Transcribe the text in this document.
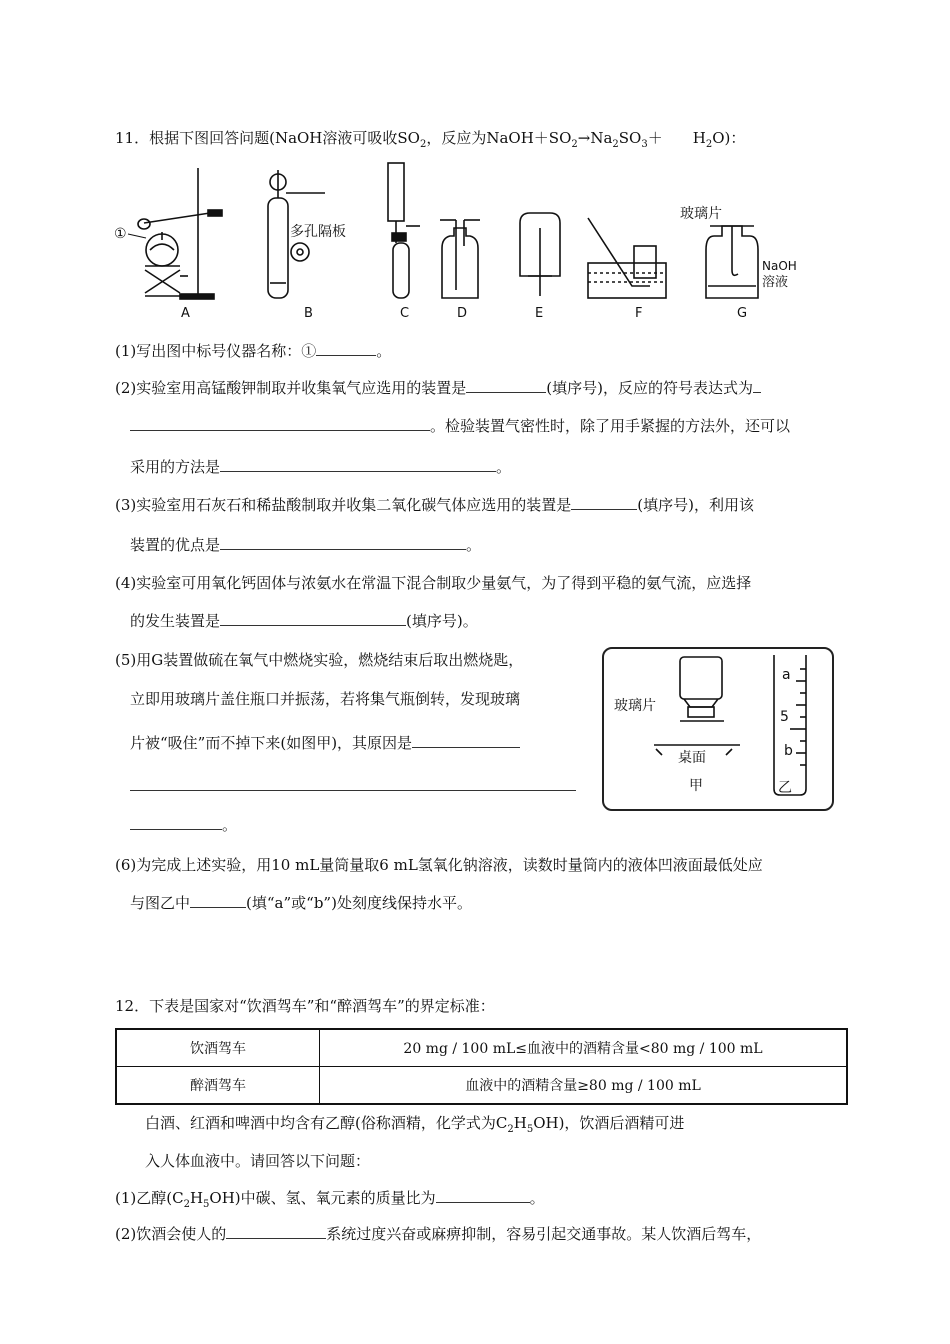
11．根据下图回答问题(NaOH溶液可吸收$SO_2$，反应为$NaOH+SO_2\to Na_2SO_3+$　　$H_2O$)：
①	多孔隔板
玻璃片
NaOH
溶液
A	B	C	D	E	F	G
(1)写出图中标号仪器名称：①	。
(2)实验室用高锰酸钾制取并收集氧气应选用的装置是	(填序号)，反应的符号表达式为
。检验装置气密性时，除了用手紧握的方法外，还可以
采用的方法是	。
(3)实验室用石灰石和稀盐酸制取并收集二氧化碳气体应选用的装置是	(填序号)，利用该
装置的优点是	。
(4)实验室可用氧化钙固体与浓氨水在常温下混合制取少量氨气，为了得到平稳的氨气流，应选择
的发生装置是	(填序号)。
(5)用G装置做硫在氧气中燃烧实验，燃烧结束后取出燃烧匙，
立即用玻璃片盖住瓶口并振荡，若将集气瓶倒转，发现玻璃
片被“吸住”而不掉下来(如图甲)，其原因是
。
玻璃片
桌面
甲	乙
a
5
b
(6)为完成上述实验，用10 mL量筒量取6 mL氢氧化钠溶液，读数时量筒内的液体凹液面最低处应
与图乙中	(填“a”或“b”)处刻度线保持水平。
12．下表是国家对“饮酒驾车”和“醉酒驾车”的界定标准：
饮酒驾车	20 mg / 100 mL≤血液中的酒精含量<80 mg / 100 mL
醉酒驾车	血液中的酒精含量≥80 mg / 100 mL
白酒、红酒和啤酒中均含有乙醇(俗称酒精，化学式为$C_2H_5OH$)，饮酒后酒精可进
入人体血液中。请回答以下问题：
(1)乙醇$(C_2H_5OH)$中碳、氢、氧元素的质量比为	。
(2)饮酒会使人的	系统过度兴奋或麻痹抑制，容易引起交通事故。某人饮酒后驾车，
